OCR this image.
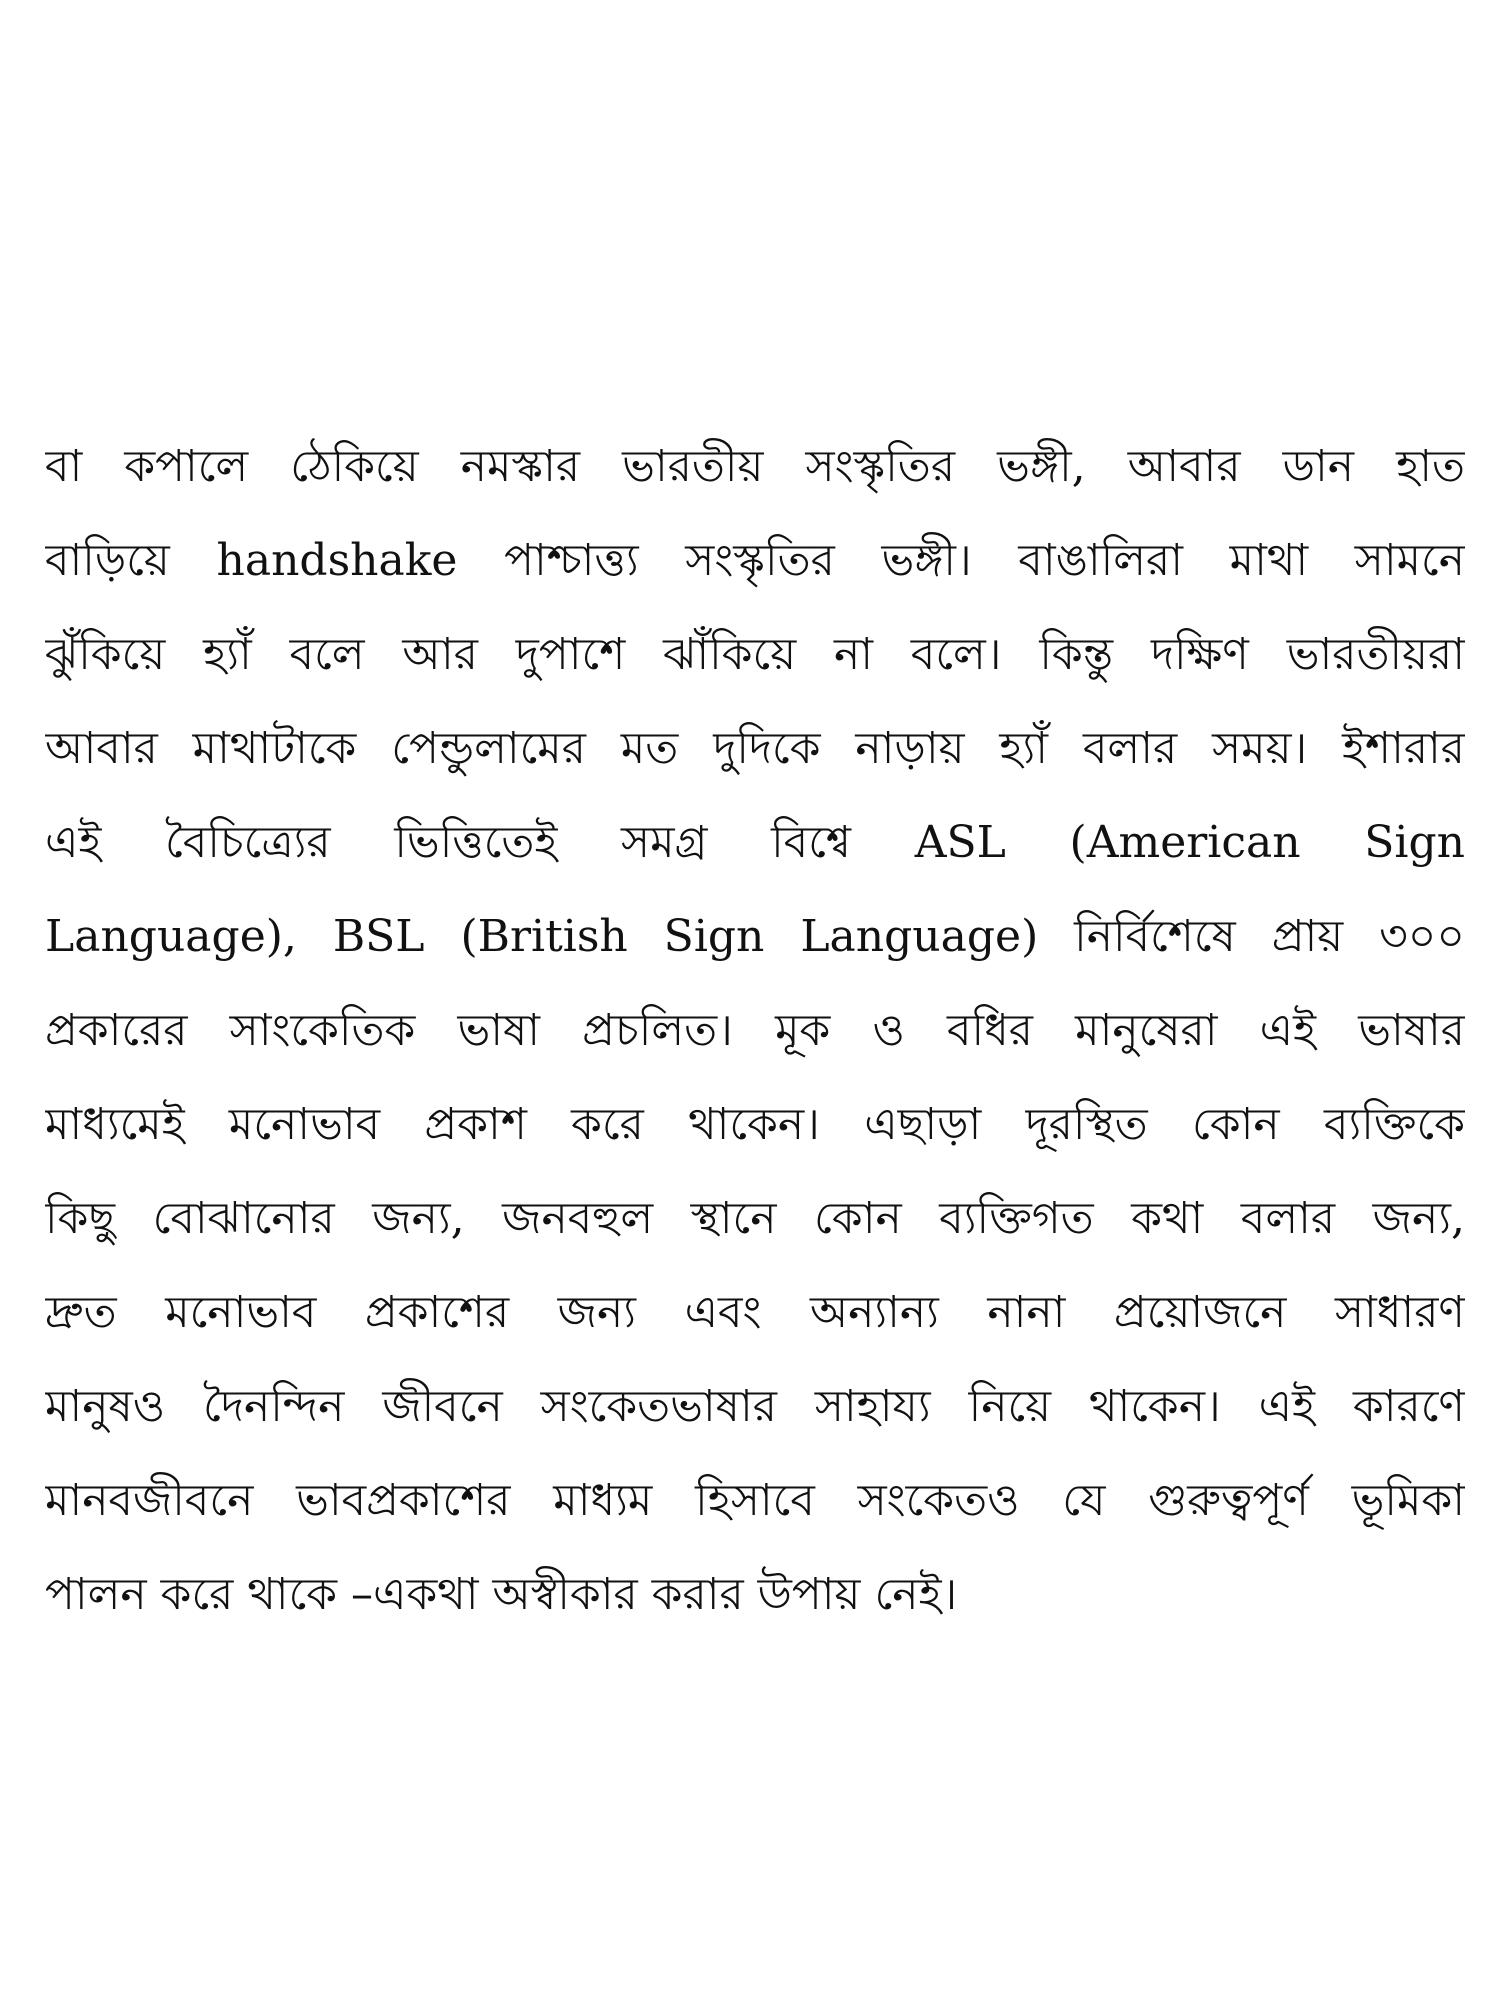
বা কপালে ঠেকিয়ে নমস্কার ভারতীয় সংস্কৃতির ভঙ্গী, আবার ডান হাত
বাড়িয়ে handshake পাশ্চাত্ত্য সংস্কৃতির ভঙ্গী। বাঙালিরা মাথা সামনে
ঝুঁকিয়ে হ্যাঁ বলে আর দুপাশে ঝাঁকিয়ে না বলে। কিন্তু দক্ষিণ ভারতীয়রা
আবার মাথাটাকে পেন্ডুলামের মত দুদিকে নাড়ায় হ্যাঁ বলার সময়। ইশারার
এই বৈচিত্র্যের ভিত্তিতেই সমগ্র বিশ্বে ASL (American Sign
Language), BSL (British Sign Language) নির্বিশেষে প্রায় ৩০০
প্রকারের সাংকেতিক ভাষা প্রচলিত। মূক ও বধির মানুষেরা এই ভাষার
মাধ্যমেই মনোভাব প্রকাশ করে থাকেন। এছাড়া দূরস্থিত কোন ব্যক্তিকে
কিছু বোঝানোর জন্য, জনবহুল স্থানে কোন ব্যক্তিগত কথা বলার জন্য,
দ্রুত মনোভাব প্রকাশের জন্য এবং অন্যান্য নানা প্রয়োজনে সাধারণ
মানুষও দৈনন্দিন জীবনে সংকেতভাষার সাহায্য নিয়ে থাকেন। এই কারণে
মানবজীবনে ভাবপ্রকাশের মাধ্যম হিসাবে সংকেতও যে গুরুত্বপূর্ণ ভূমিকা
পালন করে থাকে –একথা অস্বীকার করার উপায় নেই।
